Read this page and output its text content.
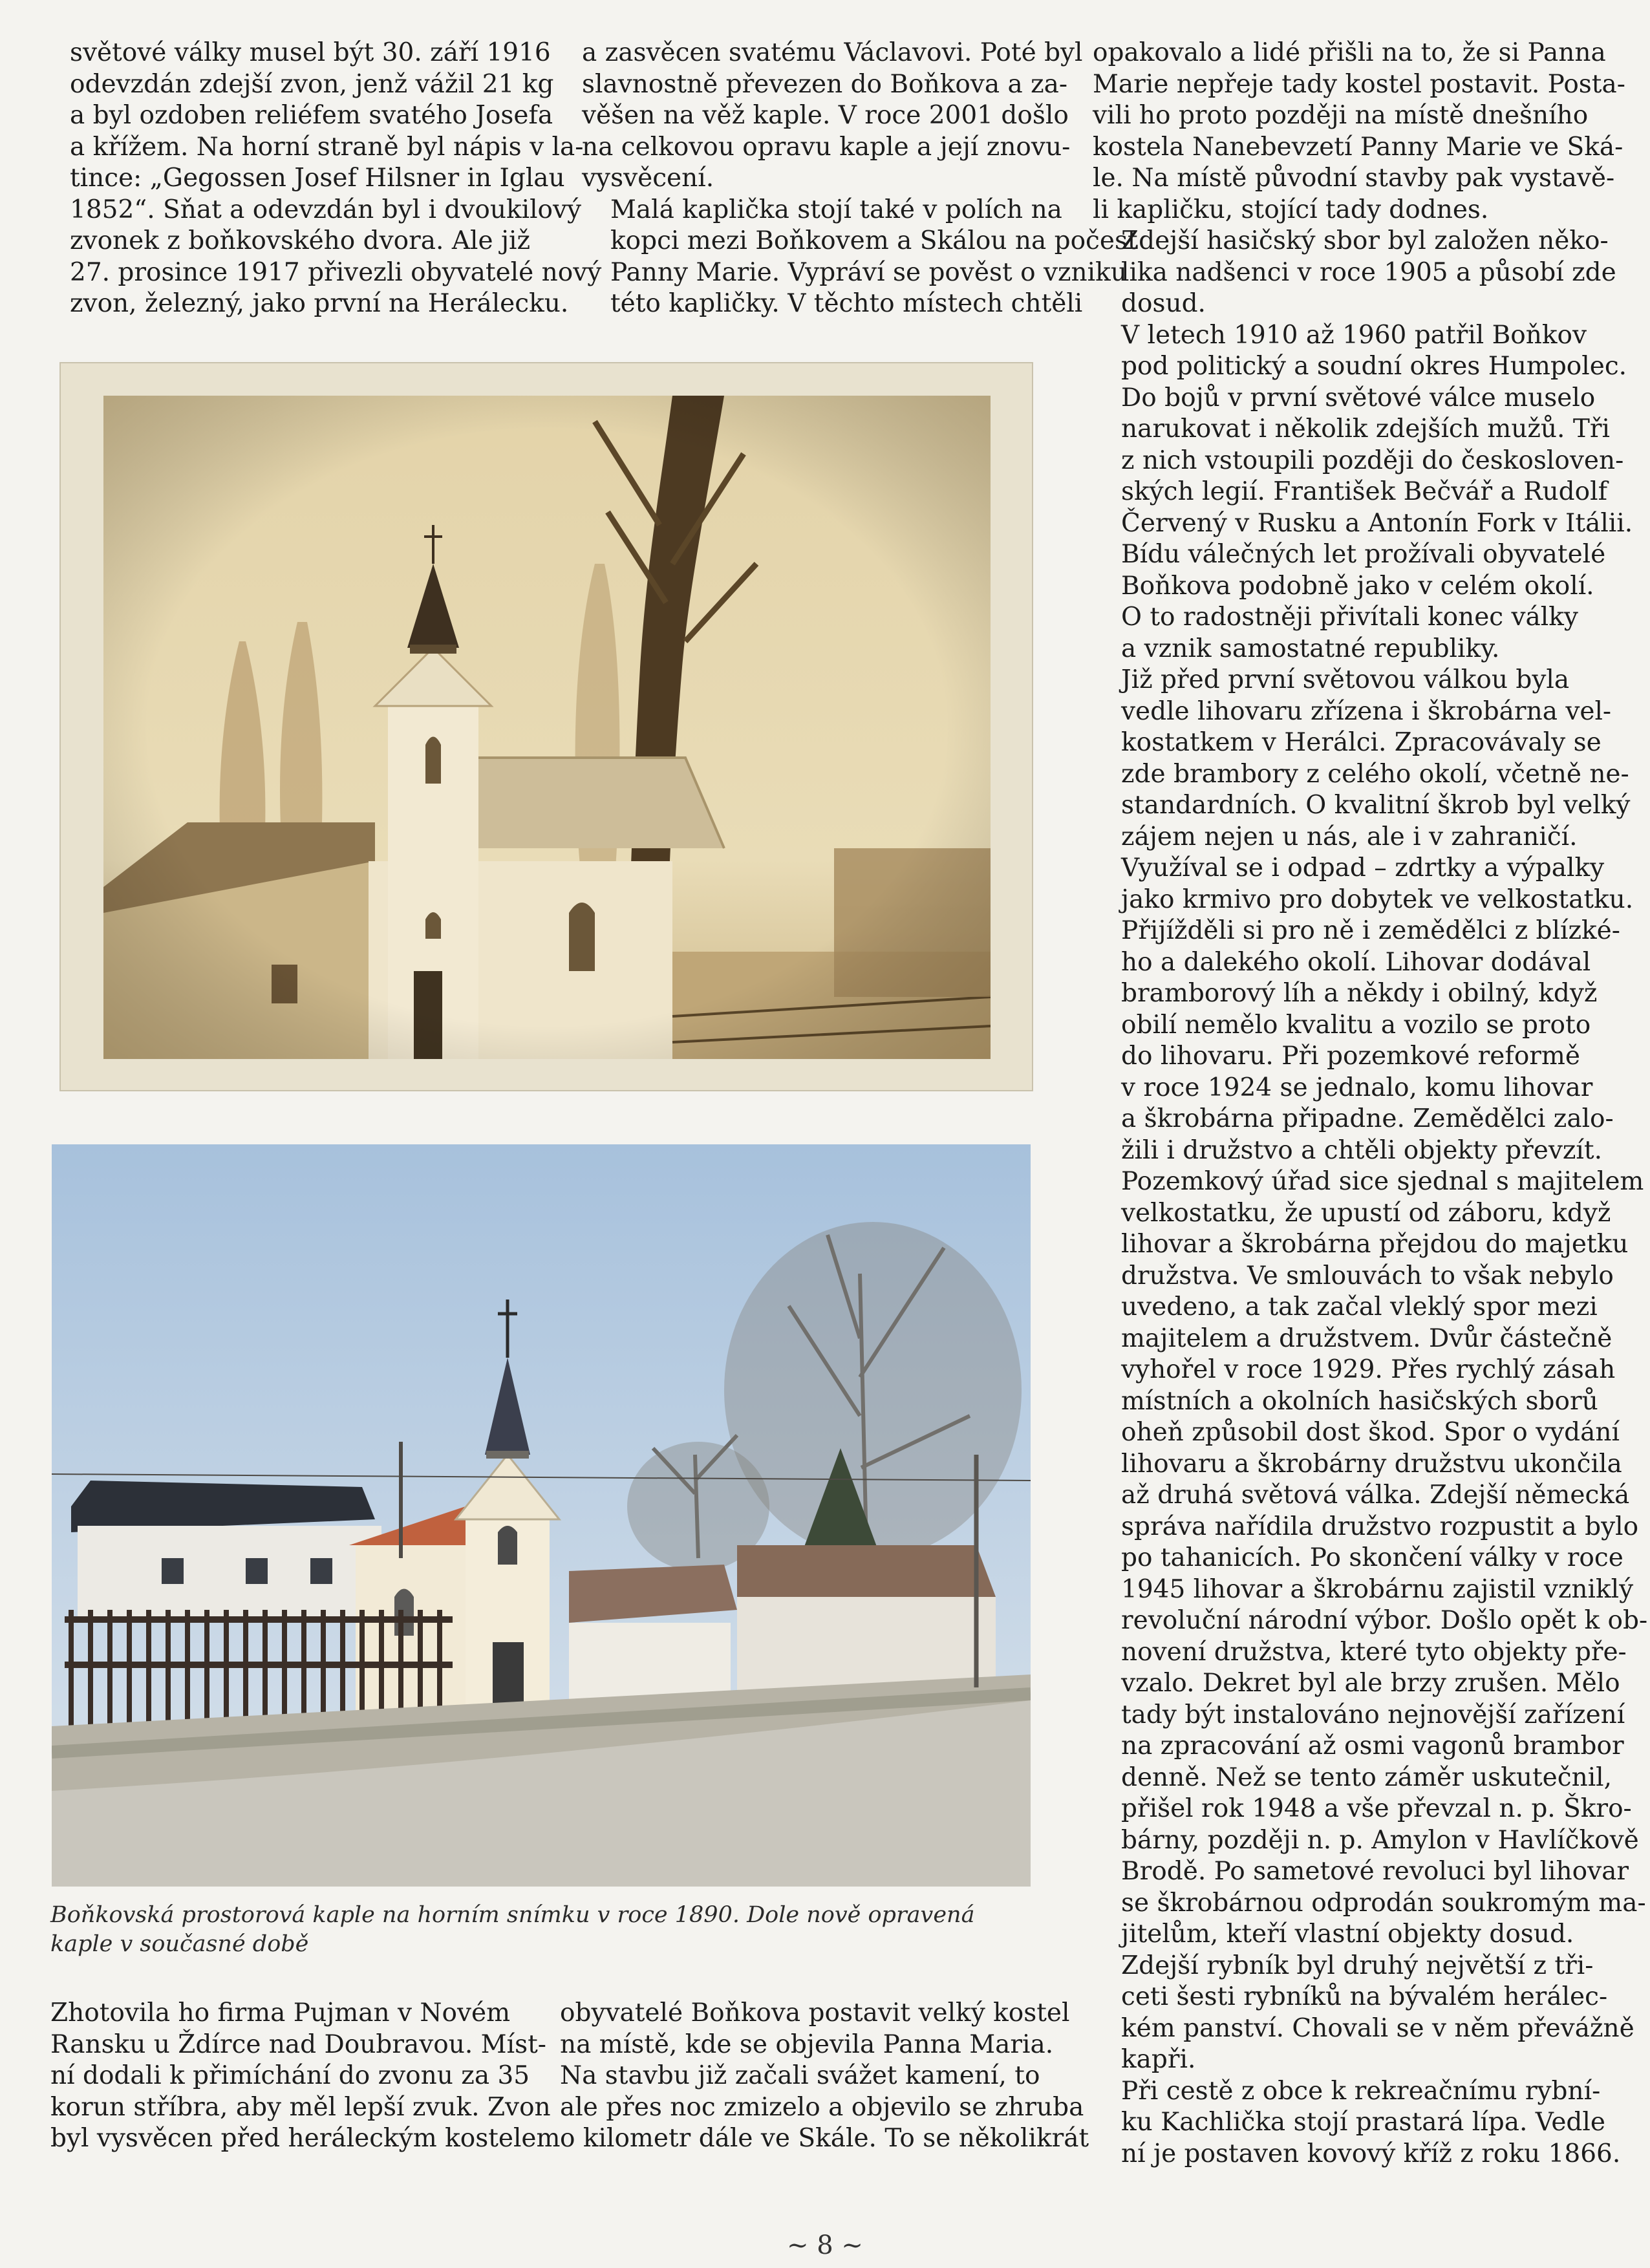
světové války musel být 30. září 1916
odevzdán zdejší zvon, jenž vážil 21 kg
a byl ozdoben reliéfem svatého Josefa
a křížem. Na horní straně byl nápis v la-
tince: „Gegossen Josef Hilsner in Iglau
1852“. Sňat a odevzdán byl i dvoukilový
zvonek z boňkovského dvora. Ale již
27. prosince 1917 přivezli obyvatelé nový
zvon, železný, jako první na Herálecku.

a zasvěcen svatému Václavovi. Poté byl
slavnostně převezen do Boňkova a za-
věšen na věž kaple. V roce 2001 došlo
na celkovou opravu kaple a její znovu-
vysvěcení.

Malá kaplička stojí také v polích na
kopci mezi Boňkovem a Skálou na počest
Panny Marie. Vypráví se pověst o vzniku
této kapličky. V těchto místech chtěli

opakovalo a lidé přišli na to, že si Panna
Marie nepřeje tady kostel postavit. Posta-
vili ho proto později na místě dnešního
kostela Nanebevzetí Panny Marie ve Ská-
le. Na místě původní stavby pak vystavě-
li kapličku, stojící tady dodnes.

Zdejší hasičský sbor byl založen něko-
lika nadšenci v roce 1905 a působí zde
dosud.

V letech 1910 až 1960 patřil Boňkov
pod politický a soudní okres Humpolec.
Do bojů v první světové válce muselo
narukovat i několik zdejších mužů. Tři
z nich vstoupili později do českosloven-
ských legií. František Bečvář a Rudolf
Červený v Rusku a Antonín Fork v Itálii.
Bídu válečných let prožívali obyvatelé
Boňkova podobně jako v celém okolí.
O to radostněji přivítali konec války
a vznik samostatné republiky.

Již před první světovou válkou byla
vedle lihovaru zřízena i škrobárna vel-
kostatkem v Herálci. Zpracovávaly se
zde brambory z celého okolí, včetně ne-
standardních. O kvalitní škrob byl velký
zájem nejen u nás, ale i v zahraničí.
Využíval se i odpad – zdrtky a výpalky
jako krmivo pro dobytek ve velkostatku.
Přijížděli si pro ně i zemědělci z blízké-
ho a dalekého okolí. Lihovar dodával
bramborový líh a někdy i obilný, když
obilí nemělo kvalitu a vozilo se proto
do lihovaru. Při pozemkové reformě
v roce 1924 se jednalo, komu lihovar
a škrobárna připadne. Zemědělci zalo-
žili i družstvo a chtěli objekty převzít.
Pozemkový úřad sice sjednal s majitelem
velkostatku, že upustí od záboru, když
lihovar a škrobárna přejdou do majetku
družstva. Ve smlouvách to však nebylo
uvedeno, a tak začal vleklý spor mezi
majitelem a družstvem. Dvůr částečně
vyhořel v roce 1929. Přes rychlý zásah
místních a okolních hasičských sborů
oheň způsobil dost škod. Spor o vydání
lihovaru a škrobárny družstvu ukončila
až druhá světová válka. Zdejší německá
správa nařídila družstvo rozpustit a bylo
po tahanicích. Po skončení války v roce
1945 lihovar a škrobárnu zajistil vzniklý
revoluční národní výbor. Došlo opět k ob-
novení družstva, které tyto objekty pře-
vzalo. Dekret byl ale brzy zrušen. Mělo
tady být instalováno nejnovější zařízení
na zpracování až osmi vagonů brambor
denně. Než se tento záměr uskutečnil,
přišel rok 1948 a vše převzal n. p. Škro-
bárny, později n. p. Amylon v Havlíčkově
Brodě. Po sametové revoluci byl lihovar
se škrobárnou odprodán soukromým ma-
jitelům, kteří vlastní objekty dosud.

Zdejší rybník byl druhý největší z tři-
ceti šesti rybníků na bývalém herálec-
kém panství. Chovali se v něm převážně
kapři.

Při cestě z obce k rekreačnímu rybní-
ku Kachlička stojí prastará lípa. Vedle
ní je postaven kovový kříž z roku 1866.

Boňkovská prostorová kaple na horním snímku v roce 1890. Dole nově opravená kaple v současné době

Zhotovila ho firma Pujman v Novém
Ransku u Ždírce nad Doubravou. Míst-
ní dodali k přimíchání do zvonu za 35
korun stříbra, aby měl lepší zvuk. Zvon
byl vysvěcen před heráleckým kostelem

obyvatelé Boňkova postavit velký kostel
na místě, kde se objevila Panna Maria.
Na stavbu již začali svážet kamení, to
ale přes noc zmizelo a objevilo se zhruba
o kilometr dále ve Skále. To se několikrát

~ 8 ~
